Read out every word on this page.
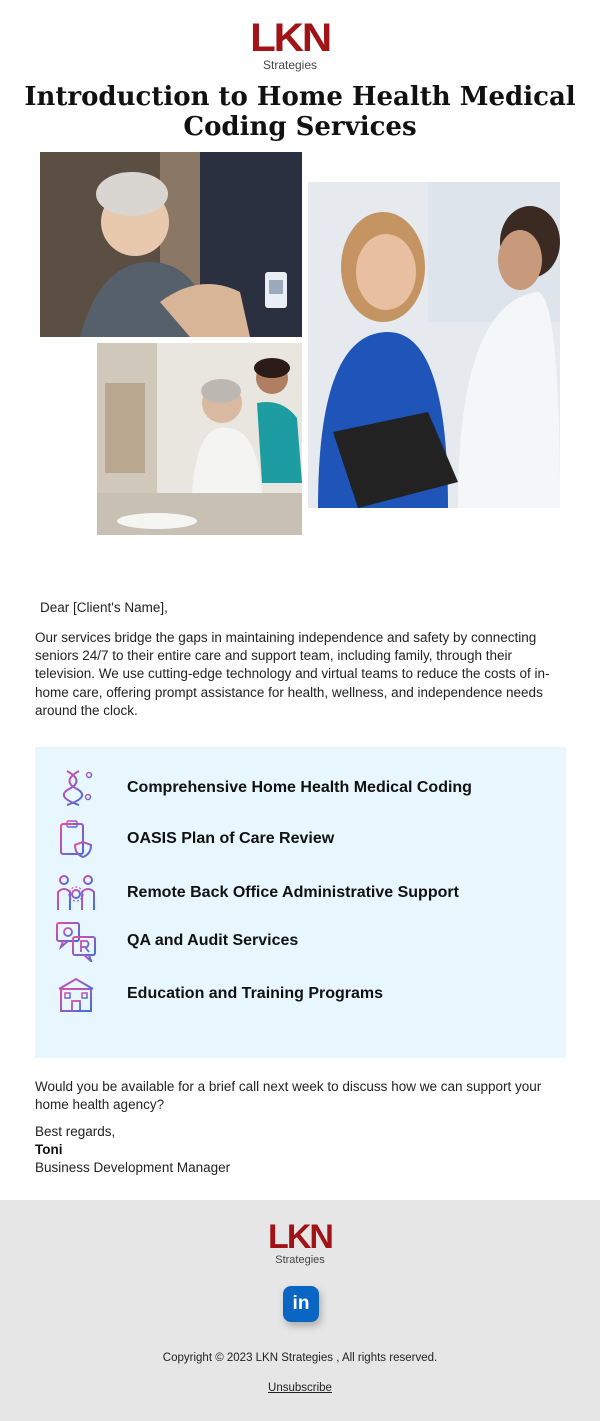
LKN
Strategies
Introduction to Home Health Medical Coding Services

Dear [Client's Name],

Our services bridge the gaps in maintaining independence and safety by connecting seniors 24/7 to their entire care and support team, including family, through their television. We use cutting-edge technology and virtual teams to reduce the costs of in-home care, offering prompt assistance for health, wellness, and independence needs around the clock.

Comprehensive Home Health Medical Coding
OASIS Plan of Care Review
Remote Back Office Administrative Support
QA and Audit Services
Education and Training Programs

Would you be available for a brief call next week to discuss how we can support your home health agency?

Best regards,

Toni

Business Development Manager

LKN
Strategies
in

Copyright © 2023 LKN Strategies , All rights reserved.

Unsubscribe
